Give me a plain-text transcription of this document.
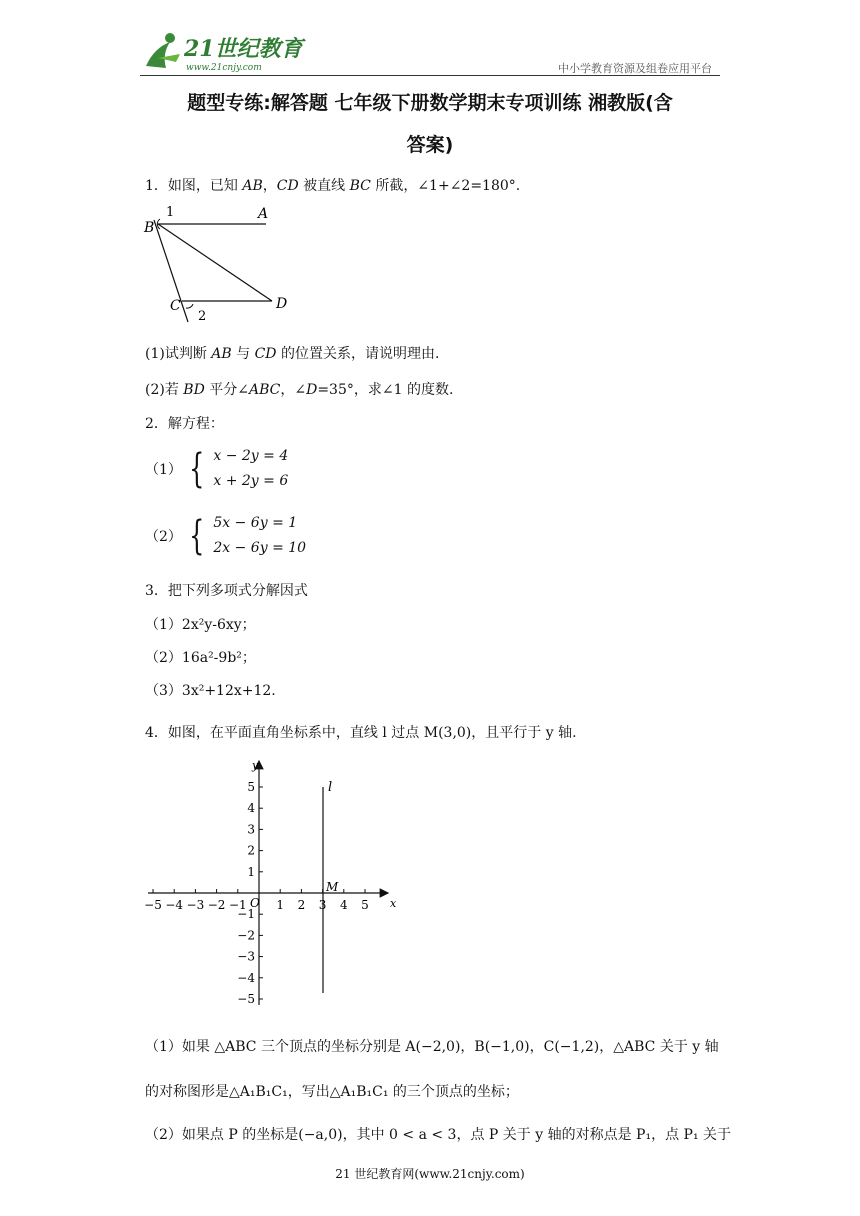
21世纪教育
www.21cnjy.com	中小学教育资源及组卷应用平台
题型专练:解答题 七年级下册数学期末专项训练 湘教版(含
答案)
1．如图，已知 AB，CD 被直线 BC 所截，∠1+∠2=180°.
B
1	A
C
2
D
(1)试判断 AB 与 CD 的位置关系，请说明理由.
(2)若 BD 平分∠ABC，∠D=35°，求∠1 的度数.
2．解方程：
（1） { x − 2y = 4
x + 2y = 6
（2） { 5x − 6y = 1
2x − 6y = 10
3．把下列多项式分解因式
（1）2x²y-6xy；
（2）16a²-9b²；
（3）3x²+12x+12.
4．如图，在平面直角坐标系中，直线 l 过点 M(3,0)，且平行于 y 轴.
−5 −4 −3 −2 −1 1 2 3 4 5
5
4
3
2
1
−1
−2
−3
−4
−5
x
y
O
l
M
（1）如果 △ABC 三个顶点的坐标分别是 A(−2,0)，B(−1,0)，C(−1,2)，△ABC 关于 y 轴
的对称图形是△A₁B₁C₁，写出△A₁B₁C₁ 的三个顶点的坐标；
（2）如果点 P 的坐标是(−a,0)，其中 0 < a < 3，点 P 关于 y 轴的对称点是 P₁，点 P₁ 关于
21 世纪教育网(www.21cnjy.com)
